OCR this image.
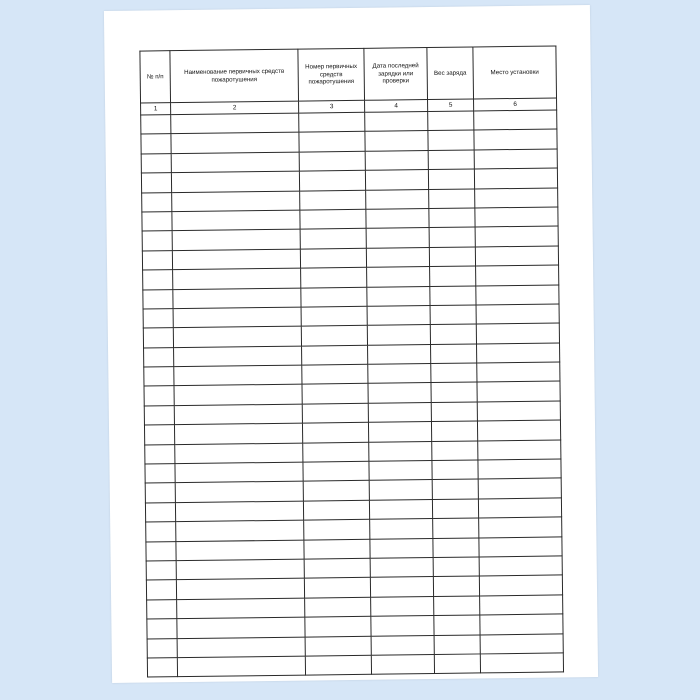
№ п/п	Наименование первичных средств пожаротушения	Номер первичных средств пожаротушения	Дата последней зарядки или проверки	Вес заряда	Место установки
1	2	3	4	5	6
